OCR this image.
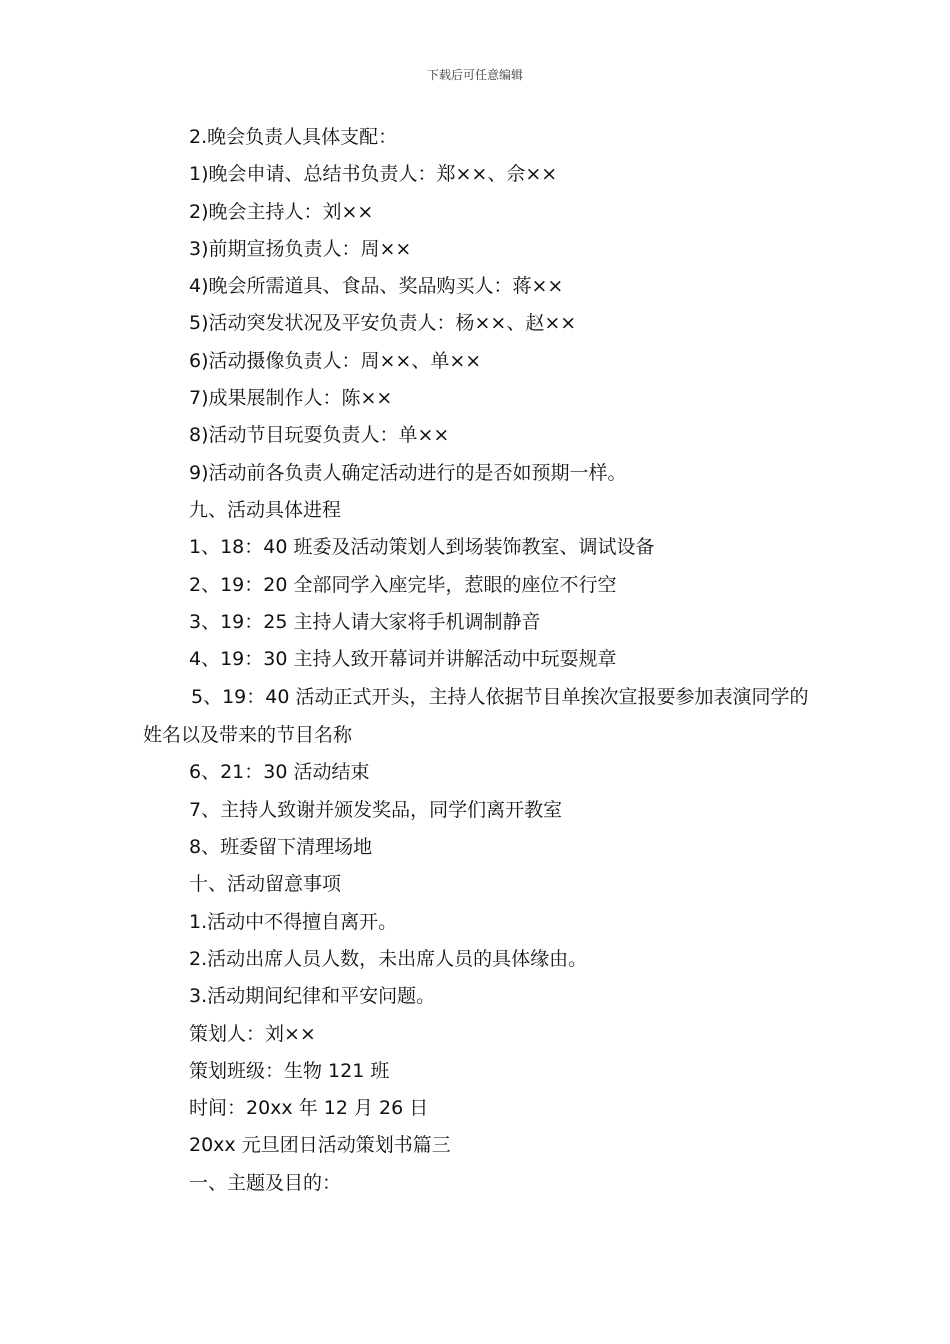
下载后可任意编辑

2.晚会负责人具体支配：

1)晚会申请、总结书负责人：郑××、佘××

2)晚会主持人：刘××

3)前期宣扬负责人：周××

4)晚会所需道具、食品、奖品购买人：蒋××

5)活动突发状况及平安负责人：杨××、赵××

6)活动摄像负责人：周××、单××

7)成果展制作人：陈××

8)活动节目玩耍负责人：单××

9)活动前各负责人确定活动进行的是否如预期一样。

九、活动具体进程

1、18：40 班委及活动策划人到场装饰教室、调试设备

2、19：20 全部同学入座完毕，惹眼的座位不行空

3、19：25 主持人请大家将手机调制静音

4、19：30 主持人致开幕词并讲解活动中玩耍规章

5、19：40 活动正式开头，主持人依据节目单挨次宣报要参加表演同学的姓名以及带来的节目名称

6、21：30 活动结束

7、主持人致谢并颁发奖品，同学们离开教室

8、班委留下清理场地

十、活动留意事项

1.活动中不得擅自离开。

2.活动出席人员人数，未出席人员的具体缘由。

3.活动期间纪律和平安问题。

策划人：刘××

策划班级：生物 121 班

时间：20xx 年 12 月 26 日

20xx 元旦团日活动策划书篇三

一、主题及目的：
